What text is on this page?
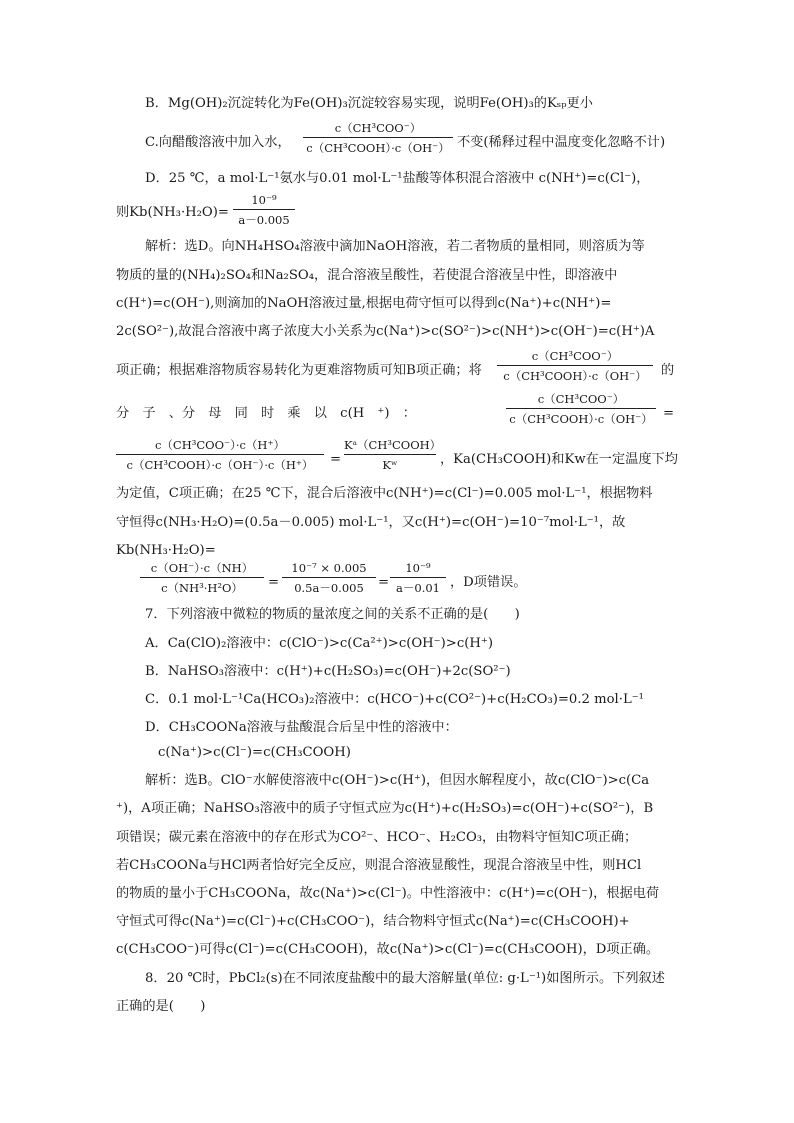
B．Mg(OH)₂沉淀转化为Fe(OH)₃沉淀较容易实现，说明Fe(OH)₃的Kₛₚ更小
C.向醋酸溶液中加入水，
c（CH³COO⁻）
c（CH³COOH）·c（OH⁻） 不变(稀释过程中温度变化忽略不计)
D．25 ℃，a mol·L⁻¹氨水与0.01 mol·L⁻¹盐酸等体积混合溶液中 c(NH⁺)=c(Cl⁻)，
则Kb(NH₃·H₂O)=
10⁻⁹
a－0.005
解析：选D。向NH₄HSO₄溶液中滴加NaOH溶液，若二者物质的量相同，则溶质为等
物质的量的(NH₄)₂SO₄和Na₂SO₄，混合溶液呈酸性，若使混合溶液呈中性，即溶液中
c(H⁺)=c(OH⁻),则滴加的NaOH溶液过量,根据电荷守恒可以得到c(Na⁺)+c(NH⁺)=
2c(SO²⁻),故混合溶液中离子浓度大小关系为c(Na⁺)>c(SO²⁻)>c(NH⁺)>c(OH⁻)=c(H⁺)A
项正确；根据难溶物质容易转化为更难溶物质可知B项正确；将
c（CH³COO⁻）
c（CH³COOH）·c（OH⁻）	的
分　子　、分　母　同　时　乘　以　c(H　⁺)　：
c（CH³COO⁻）
c（CH³COOH）·c（OH⁻） =
c（CH³COO⁻）·c（H⁺）
c（CH³COOH）·c（OH⁻）·c（H⁺）	=
Kᵃ（CH³COOH）
Kʷ	，Ka(CH₃COOH)和Kw在一定温度下均
为定值，C项正确；在25 ℃下，混合后溶液中c(NH⁺)=c(Cl⁻)=0.005 mol·L⁻¹，根据物料
守恒得c(NH₃·H₂O)=(0.5a－0.005) mol·L⁻¹，又c(H⁺)=c(OH⁻)=10⁻⁷mol·L⁻¹，故
Kb(NH₃·H₂O)=
c（OH⁻）·c（NH）
c（NH³·H²O）	=
10⁻⁷ × 0.005
0.5a－0.005	=
10⁻⁹
a－0.01 ，D项错误。
7．下列溶液中微粒的物质的量浓度之间的关系不正确的是(　　)
A．Ca(ClO)₂溶液中：c(ClO⁻)>c(Ca²⁺)>c(OH⁻)>c(H⁺)
B．NaHSO₃溶液中：c(H⁺)+c(H₂SO₃)=c(OH⁻)+2c(SO²⁻)
C．0.1 mol·L⁻¹Ca(HCO₃)₂溶液中：c(HCO⁻)+c(CO²⁻)+c(H₂CO₃)=0.2 mol·L⁻¹
D．CH₃COONa溶液与盐酸混合后呈中性的溶液中：
c(Na⁺)>c(Cl⁻)=c(CH₃COOH)
解析：选B。ClO⁻水解使溶液中c(OH⁻)>c(H⁺)，但因水解程度小，故c(ClO⁻)>c(Ca
⁺)，A项正确；NaHSO₃溶液中的质子守恒式应为c(H⁺)+c(H₂SO₃)=c(OH⁻)+c(SO²⁻)，B
项错误；碳元素在溶液中的存在形式为CO²⁻、HCO⁻、H₂CO₃，由物料守恒知C项正确；
若CH₃COONa与HCl两者恰好完全反应，则混合溶液显酸性，现混合溶液呈中性，则HCl
的物质的量小于CH₃COONa，故c(Na⁺)>c(Cl⁻)。中性溶液中：c(H⁺)=c(OH⁻)，根据电荷
守恒式可得c(Na⁺)=c(Cl⁻)+c(CH₃COO⁻)，结合物料守恒式c(Na⁺)=c(CH₃COOH)+
c(CH₃COO⁻)可得c(Cl⁻)=c(CH₃COOH)，故c(Na⁺)>c(Cl⁻)=c(CH₃COOH)，D项正确。
8．20 ℃时，PbCl₂(s)在不同浓度盐酸中的最大溶解量(单位: g·L⁻¹)如图所示。下列叙述
正确的是(　　)
